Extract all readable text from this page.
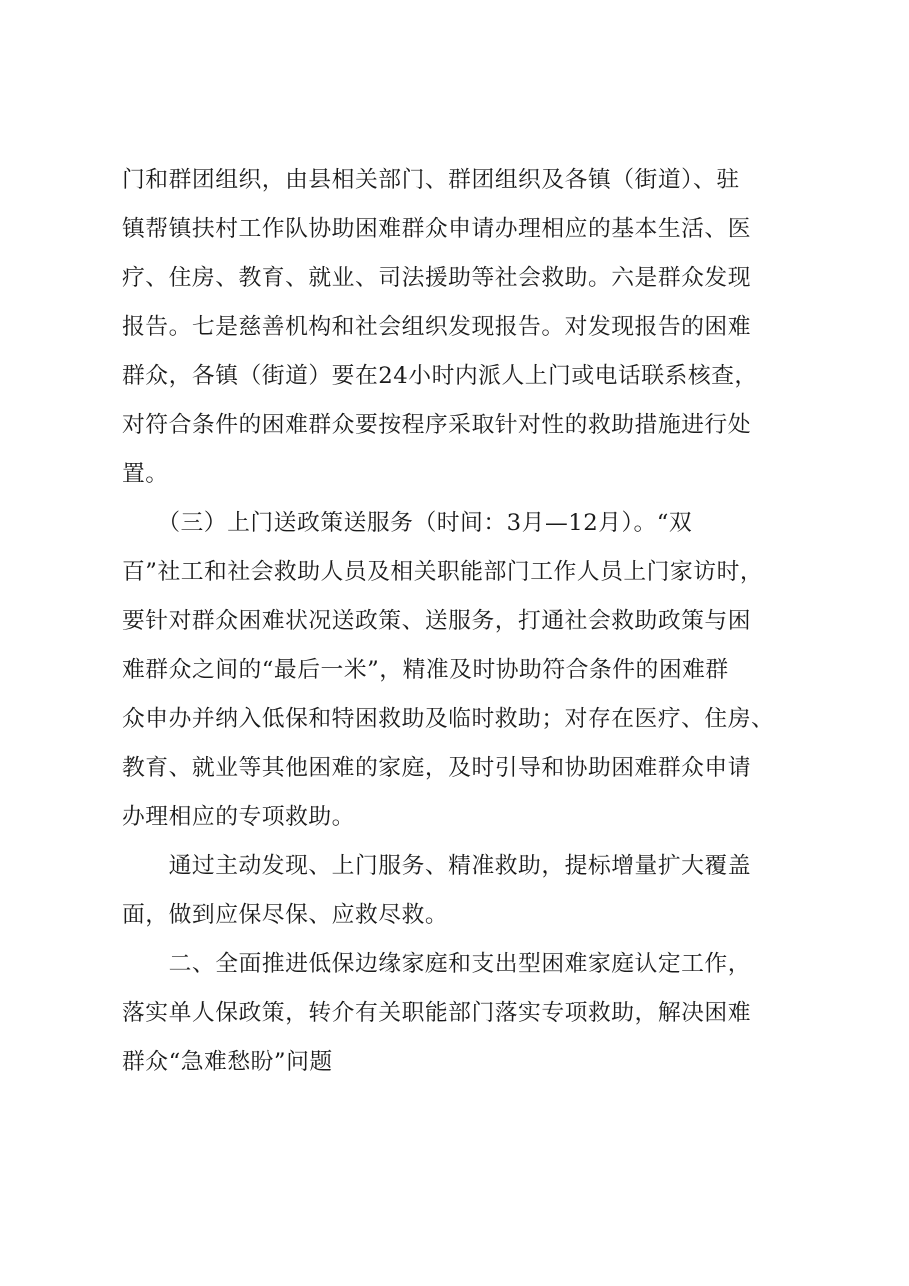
门和群团组织，由县相关部门、群团组织及各镇（街道）、驻
镇帮镇扶村工作队协助困难群众申请办理相应的基本生活、医
疗、住房、教育、就业、司法援助等社会救助。六是群众发现
报告。七是慈善机构和社会组织发现报告。对发现报告的困难
群众，各镇（街道）要在24小时内派人上门或电话联系核查，
对符合条件的困难群众要按程序采取针对性的救助措施进行处
置。
　　（三）上门送政策送服务（时间：3月—12月）。“双
百”社工和社会救助人员及相关职能部门工作人员上门家访时，
要针对群众困难状况送政策、送服务，打通社会救助政策与困
难群众之间的“最后一米”，精准及时协助符合条件的困难群
众申办并纳入低保和特困救助及临时救助；对存在医疗、住房、
教育、就业等其他困难的家庭，及时引导和协助困难群众申请
办理相应的专项救助。
　　通过主动发现、上门服务、精准救助，提标增量扩大覆盖
面，做到应保尽保、应救尽救。
　　二、全面推进低保边缘家庭和支出型困难家庭认定工作，
落实单人保政策，转介有关职能部门落实专项救助，解决困难
群众“急难愁盼”问题
